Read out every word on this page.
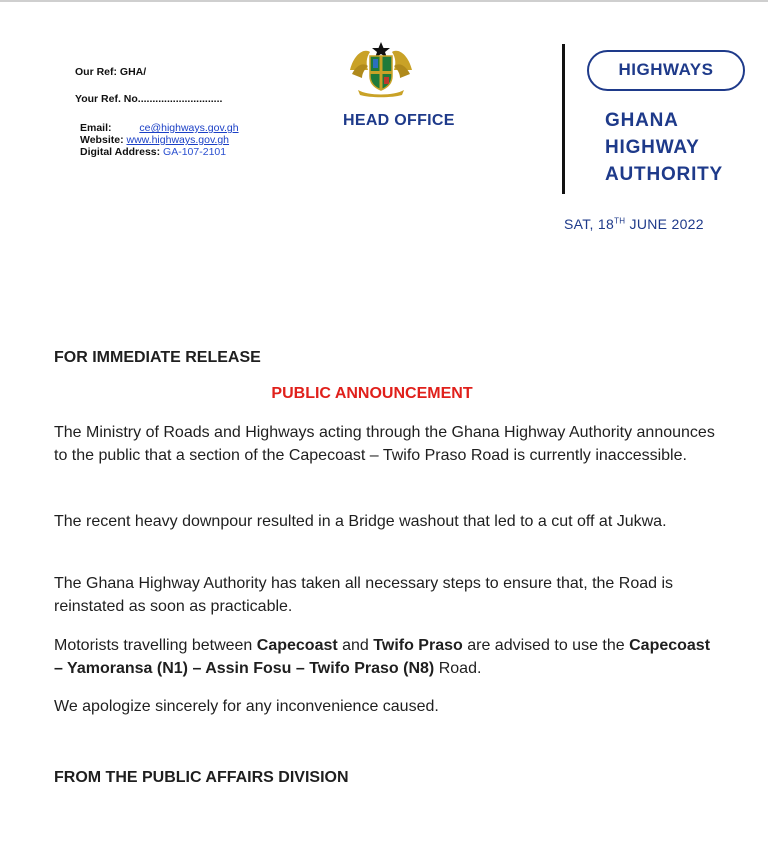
Our Ref: GHA/
Your Ref. No.............................
Email:	ce@highways.gov.gh
Website: www.highways.gov.gh
Digital Address: GA-107-2101
HEAD OFFICE
HIGHWAYS
GHANA
HIGHWAY
AUTHORITY
SAT, 18TH JUNE 2022
FOR IMMEDIATE RELEASE
PUBLIC ANNOUNCEMENT
The Ministry of Roads and Highways acting through the Ghana Highway Authority announces to the public that a section of the Capecoast – Twifo Praso Road is currently inaccessible.
The recent heavy downpour resulted in a Bridge washout that led to a cut off at Jukwa.
The Ghana Highway Authority has taken all necessary steps to ensure that, the Road is reinstated as soon as practicable.
Motorists travelling between Capecoast and Twifo Praso are advised to use the Capecoast – Yamoransa (N1) – Assin Fosu – Twifo Praso (N8) Road.
We apologize sincerely for any inconvenience caused.
FROM THE PUBLIC AFFAIRS DIVISION
